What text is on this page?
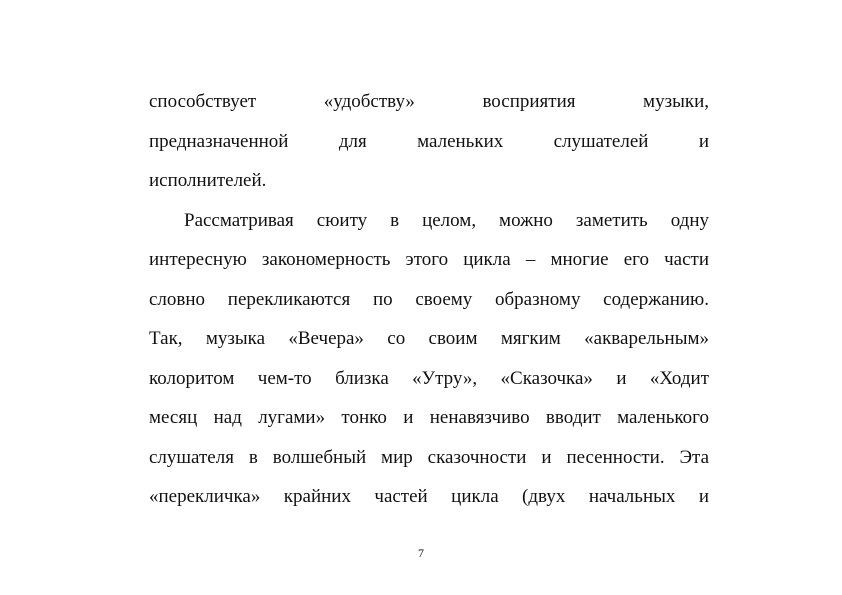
способствует «удобству» восприятия музыки,
предназначенной для маленьких слушателей и
исполнителей.
Рассматривая сюиту в целом, можно заметить одну
интересную закономерность этого цикла – многие его части
словно перекликаются по своему образному содержанию.
Так, музыка «Вечера» со своим мягким «акварельным»
колоритом чем-то близка «Утру», «Сказочка» и «Ходит
месяц над лугами» тонко и ненавязчиво вводит маленького
слушателя в волшебный мир сказочности и песенности. Эта
«перекличка» крайних частей цикла (двух начальных и
7
